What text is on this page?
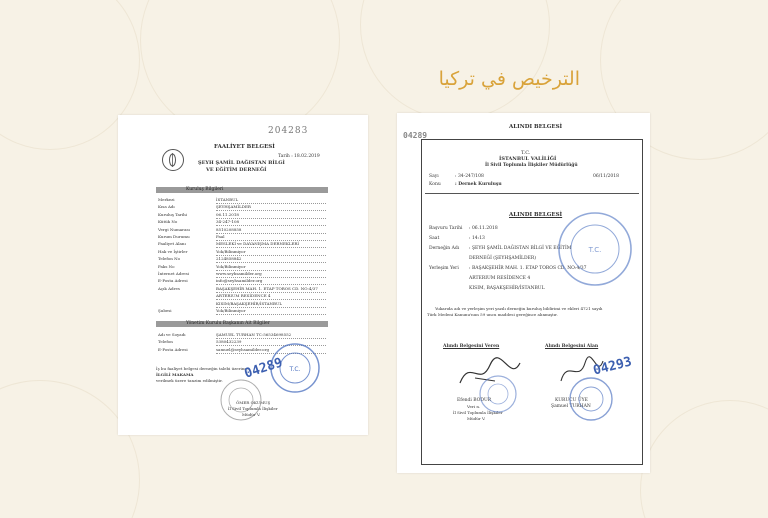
الترخيص في تركيا
204283
FAALİYET BELGESİ
Tarih : 18.02.2019
ŞEYH ŞAMİL DAĞISTAN BİLGİ
VE EĞİTİM DERNEĞİ
Kuruluş Bilgileri
Merkezi	İSTANBUL
Kısa Adı	ŞEYHŞAMİLDER
Kuruluş Tarihi	06.11.2018
Kütük No	34-247-108
Vergi Numarası	8510208858
Kurum Durumu	Faal
Faaliyet Alanı	MESLEKİ ve DAYANIŞMA DERNEKLERİ
Hak ve İştirler	Yok/Bilinmiyor
Telefon No	2124858842
Faks No	Yok/Bilinmiyor
İnternet Adresi	www.seyhsamilder.org
E-Posta Adresi	info@seyhsamilder.org
Açık Adres	BAŞAKŞEHİR MAH. 1. ETAP TOROS CD. NO:4/37
ARTERIUM RESİDENCE 4
KISIM/BAŞAKŞEHİR/İSTANBUL
Şubesi	Yok/Bilinmiyor
Yönetim Kurulu Başkanın Ait Bilgiler
Adı ve Soyadı	ŞAMUEL TURHAN TC:56534698552
Telefon	5380432239
E-Posta Adresi	samuel@seyhsamilder.org
İş bu faaliyet belgesi derneğin talebi üzerine,
İLGİLİ MAKAMA
verilmek üzere tanzim edilmiştir.
ÖMER OKUMUŞ
İl Sivil Toplumla İlişkiler
Müdür V.
T.C.
04289
ALINDI BELGESİ
04289
T.C.
İSTANBUL VALİLİĞİ
İl Sivil Toplumla İlişkiler Müdürlüğü
Sayı	: 34-247/108	06/11/2018
Konu	: Dernek Kuruluşu
ALINDI BELGESİ
Başvuru Tarihi : 06.11.2018
Saat	: 14:13
Derneğin Adı : ŞEYH ŞAMİL DAĞISTAN BİLGİ VE EĞİTİM
DERNEĞİ (ŞEYHŞAMİLDER)
Yerleşim Yeri : BAŞAKŞEHİR MAH. 1. ETAP TOROS CD. NO:4/37
ARTERIUM RESİDENCE 4
KISIM, BAŞAKŞEHİR/İSTANBUL
Yukarıda adı ve yerleşim yeri yazılı derneğin kuruluş bildirimi ve ekleri 4721 sayılı
Türk Medeni Kanunu'nun 59 uncu maddesi gereğince alınmıştır.
Alındı Belgesini Veren	Alındı Belgesini Alan
Efendi BODUR
Veri n.
İl Sivil Toplumla İlişkiler
Müdür V.
KURUCU ÜYE
Şamuel TURHAN
T.C.
04293
